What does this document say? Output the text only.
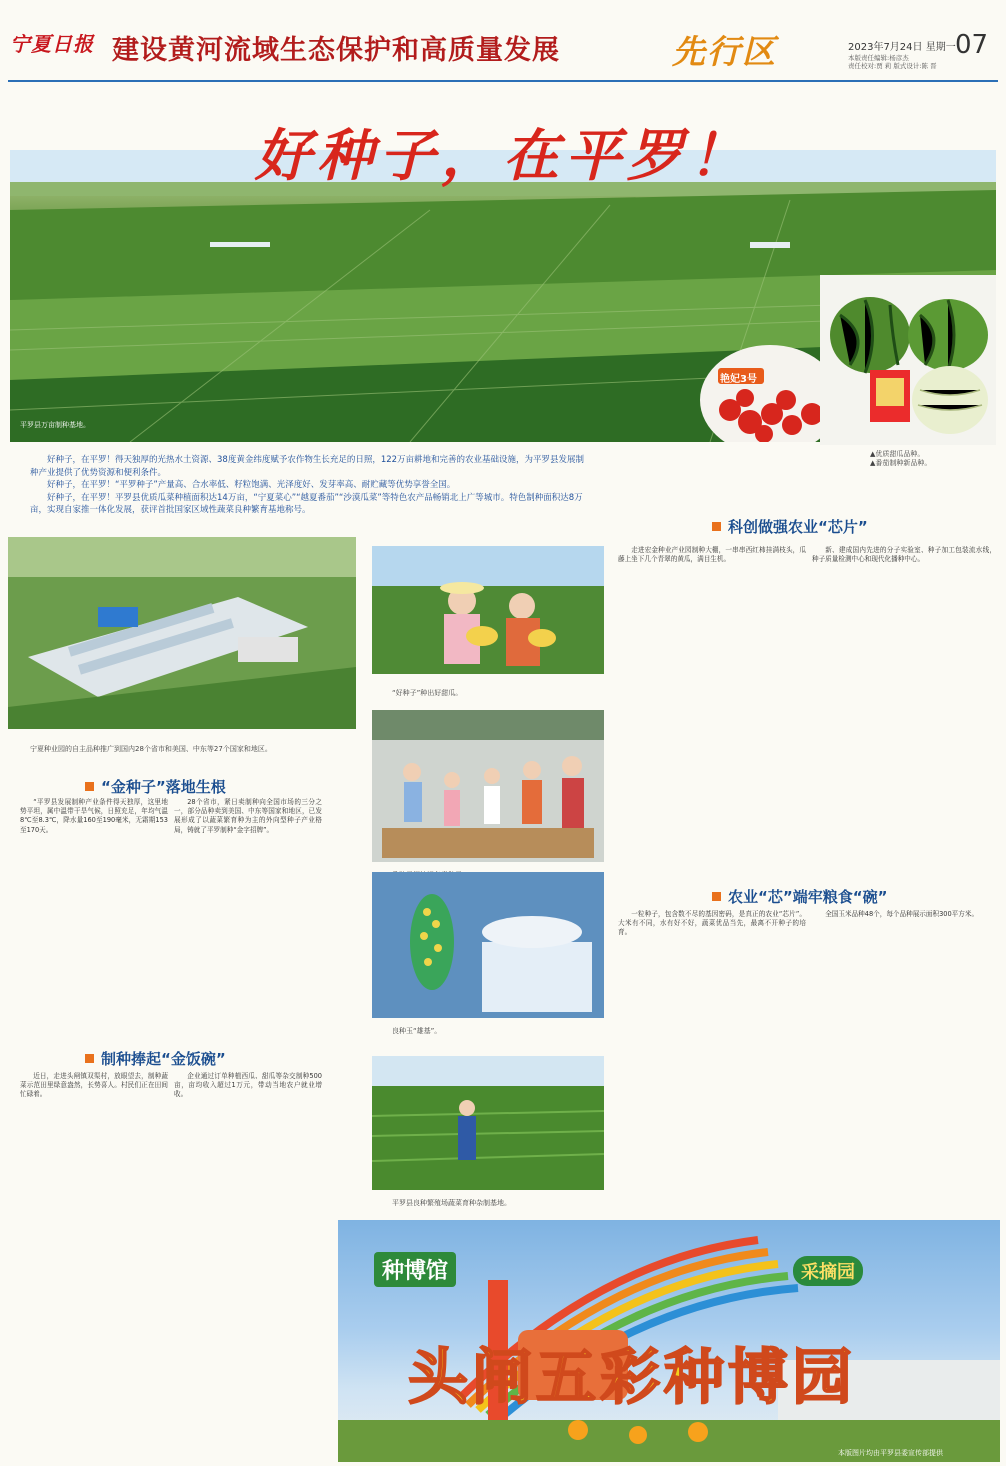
宁夏日报 建设黄河流域生态保护和高质量发展	先行区	2023年7月24日 星期一 07
本版责任编辑:杨彦杰
责任校对:贾 莉 版式设计:陈 晋
平罗县万亩制种基地。
艳妃3号
▲优质甜瓜品种。
▲番茄制种新品种。

好种子，在平罗！得天独厚的光热水土资源、38度黄金纬度赋予农作物生长充足的日照，122万亩耕地和完善的农业基础设施，为平罗县发展制种产业提供了优势资源和便利条件。

好种子，在平罗！“平罗种子”产量高、合水率低、籽粒饱满、光泽度好、发芽率高、耐贮藏等优势享誉全国。

好种子，在平罗！平罗县优质瓜菜种植面积达14万亩，“宁夏菜心”“越夏番茄”“沙漠瓜菜”等特色农产品畅销北上广等城市。特色制种面积达8万亩，实现自家推一体化发展，获评首批国家区域性蔬菜良种繁育基地称号。

科创做强农业“芯片”
宁夏种业园的自主品种推广到国内28个省市和美国、中东等27个国家和地区。
“金种子”落地生根

“平罗县发展制种产业条件得天独厚，这里地势平坦，属中温带干旱气候，日照充足，年均气温8℃至8.3℃，降水量160至190毫米，无霜期153至170天。

28个省市，紧日卖制种向全国市场的三分之一，部分品种卖到美国、中东等国家和地区，已发展形成了以蔬菜繁育种为主的外向型种子产业格局，铸就了平罗制种“金字招牌”。

制种捧起“金饭碗”

近日，走进头闸镇双渠村，放眼望去，制种蔬菜示范田里绿意盎然，长势喜人。村民们正在田间忙碌着。

企业通过订单种植西瓜、甜瓜等杂交制种500亩，亩均收入超过1万元，带动当地农户就业增收。

“好种子”种出好甜瓜。
良种玉“雄基”。
平罗县良种繁殖场蔬菜育种杂制基地。

走进宏金种业产业园制种大棚，一串串西红柿挂满枝头，瓜藤上坐下几个青翠的黄瓜，满目生机。

新、建成国内先进的分子实验室、种子加工包装流水线，种子质量检测中心和现代化播种中心。

农业“芯”端牢粮食“碗”

一粒种子，包含数不尽的基因密码，是真正的农业“芯片”。大米有不同，水有好不好，蔬菜优品当先，最离不开种子的培育。

全国玉米品种48个，每个品种展示面积300平方米。

种博馆	采摘园
头闸五彩种博园
本版图片均由平罗县委宣传部提供
好种子，在平罗！
